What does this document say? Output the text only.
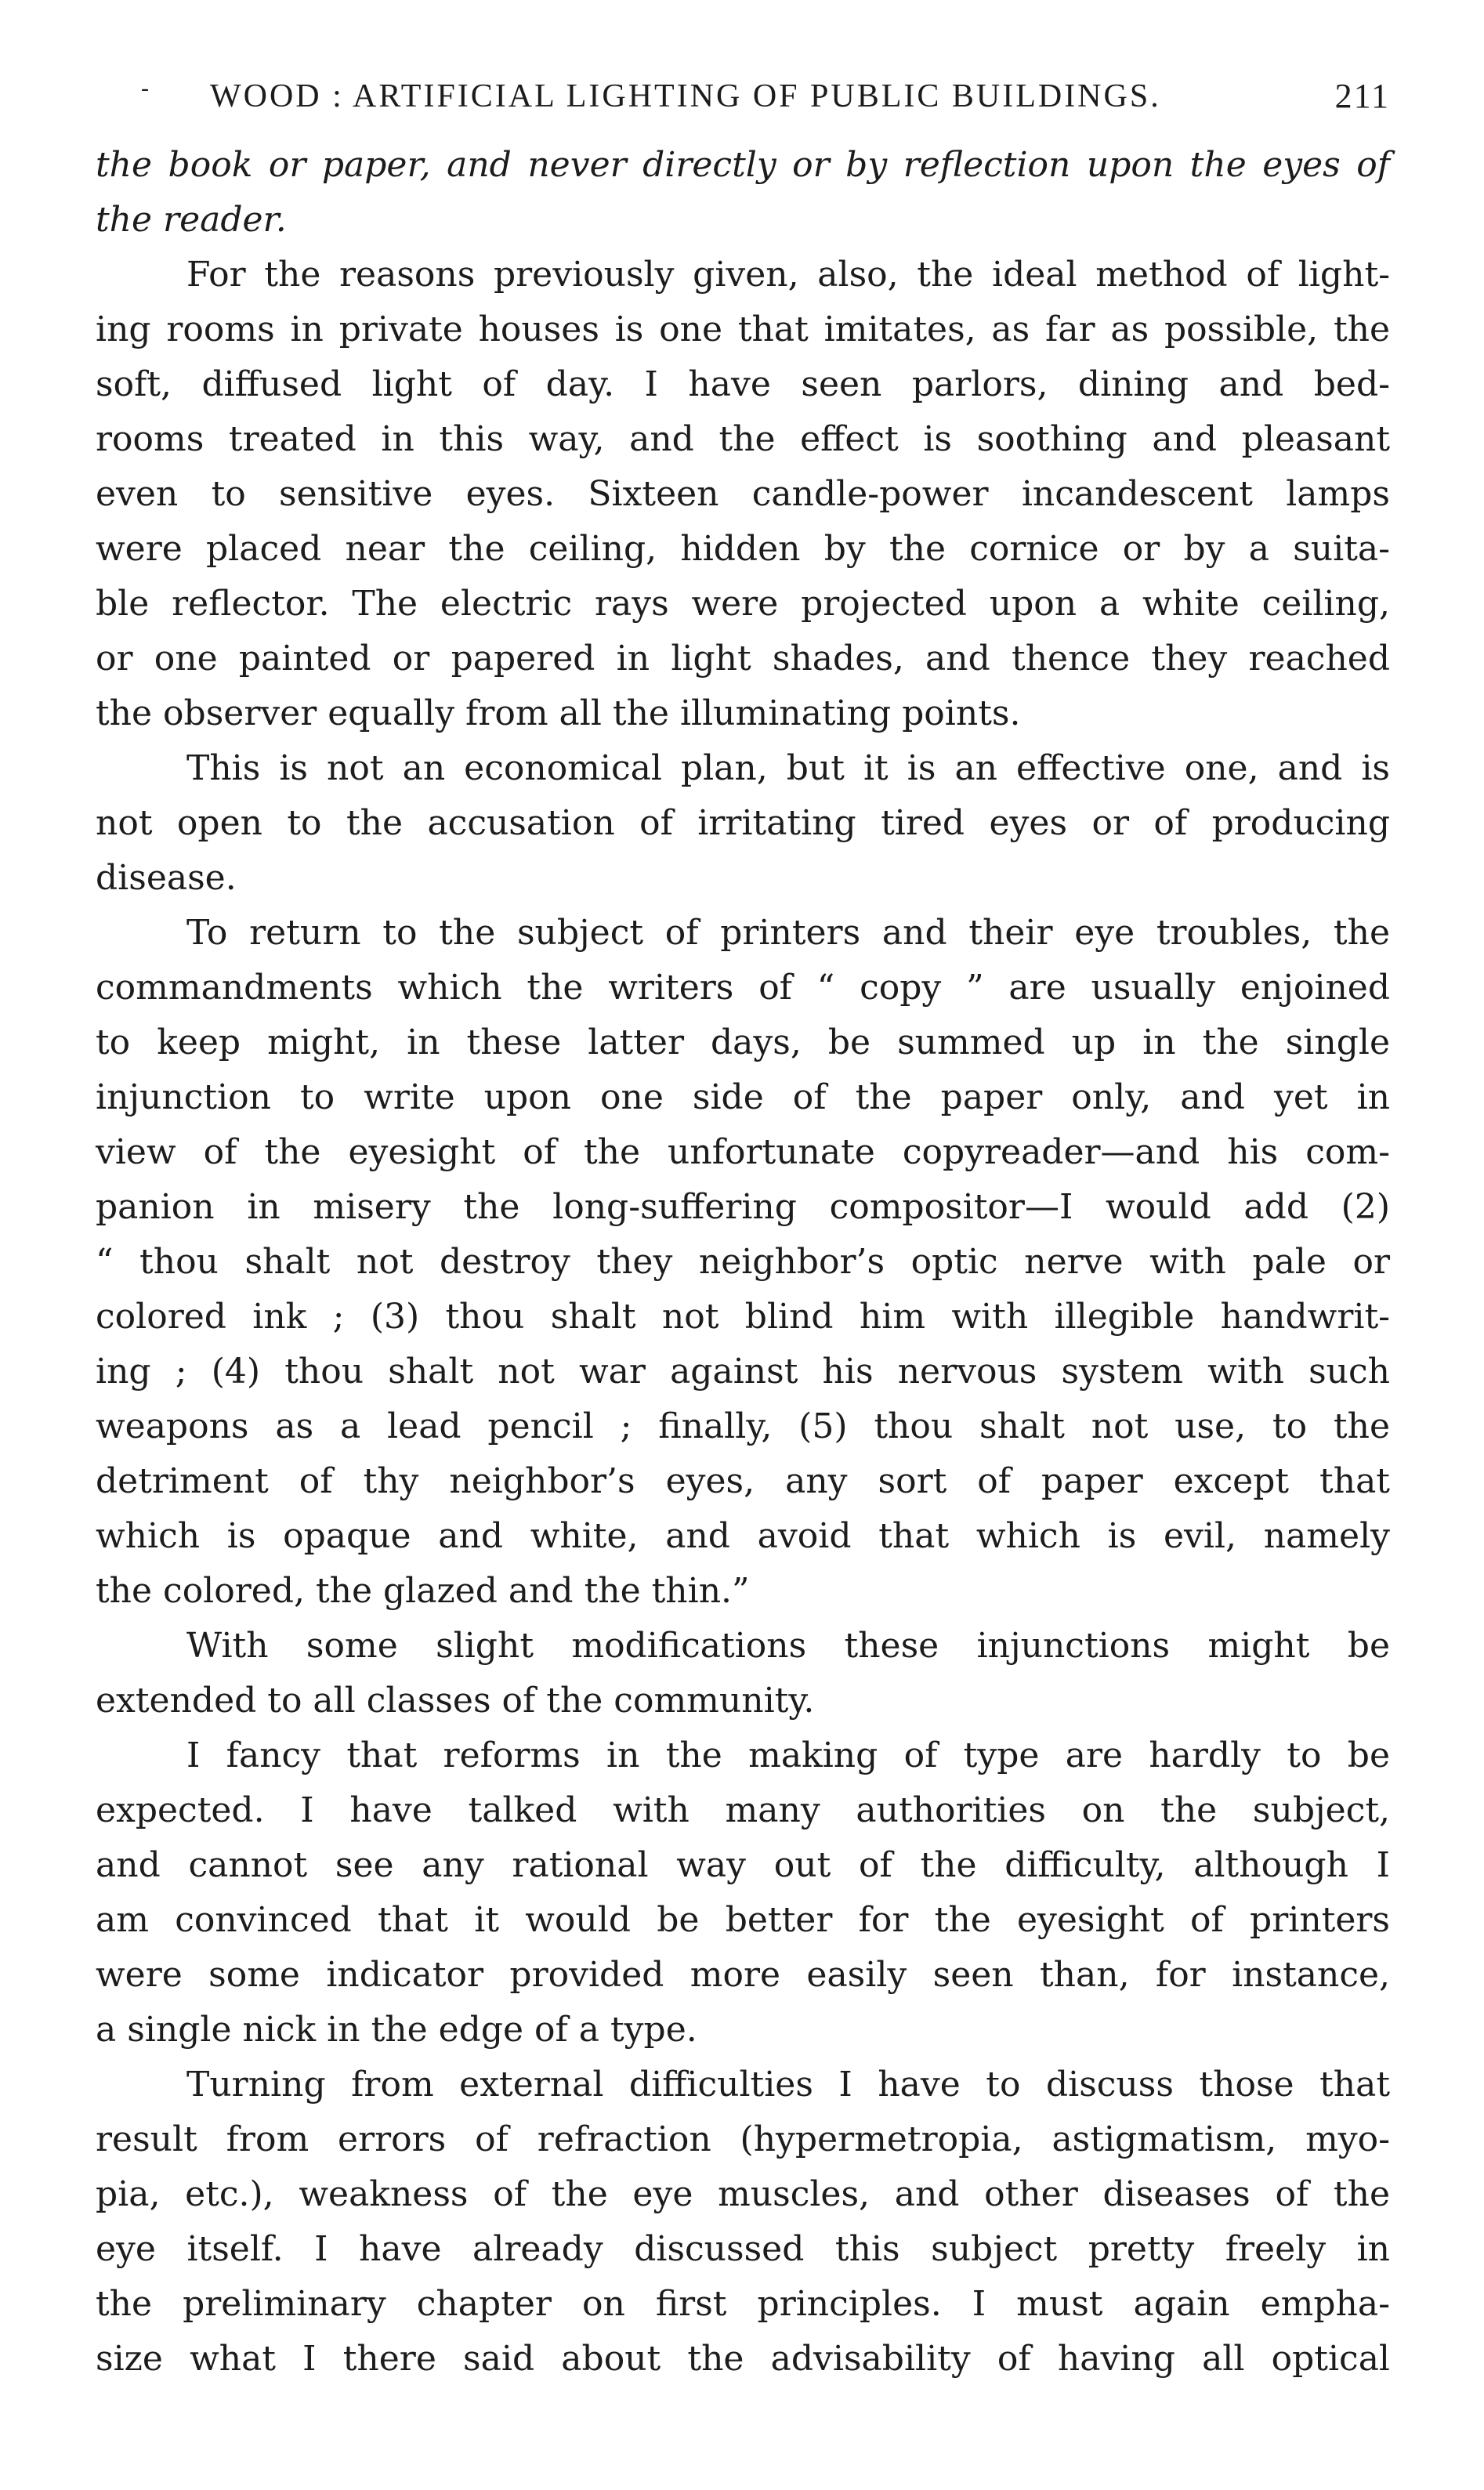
- WOOD : ARTIFICIAL LIGHTING OF PUBLIC BUILDINGS.	211
the book or paper, and never directly or by reflection upon the eyes of
the reader.
For the reasons previously given, also, the ideal method of light-
ing rooms in private houses is one that imitates, as far as possible, the
soft, diffused light of day. I have seen parlors, dining and bed-
rooms treated in this way, and the effect is soothing and pleasant
even to sensitive eyes. Sixteen candle-power incandescent lamps
were placed near the ceiling, hidden by the cornice or by a suita-
ble reflector. The electric rays were projected upon a white ceiling,
or one painted or papered in light shades, and thence they reached
the observer equally from all the illuminating points.
This is not an economical plan, but it is an effective one, and is
not open to the accusation of irritating tired eyes or of producing
disease.
To return to the subject of printers and their eye troubles, the
commandments which the writers of “ copy ” are usually enjoined
to keep might, in these latter days, be summed up in the single
injunction to write upon one side of the paper only, and yet in
view of the eyesight of the unfortunate copyreader—and his com-
panion in misery the long-suffering compositor—I would add (2)
“ thou shalt not destroy they neighbor’s optic nerve with pale or
colored ink ; (3) thou shalt not blind him with illegible handwrit-
ing ; (4) thou shalt not war against his nervous system with such
weapons as a lead pencil ; finally, (5) thou shalt not use, to the
detriment of thy neighbor’s eyes, any sort of paper except that
which is opaque and white, and avoid that which is evil, namely
the colored, the glazed and the thin.”
With some slight modifications these injunctions might be
extended to all classes of the community.
I fancy that reforms in the making of type are hardly to be
expected. I have talked with many authorities on the subject,
and cannot see any rational way out of the difficulty, although I
am convinced that it would be better for the eyesight of printers
were some indicator provided more easily seen than, for instance,
a single nick in the edge of a type.
Turning from external difficulties I have to discuss those that
result from errors of refraction (hypermetropia, astigmatism, myo-
pia, etc.), weakness of the eye muscles, and other diseases of the
eye itself. I have already discussed this subject pretty freely in
the preliminary chapter on first principles. I must again empha-
size what I there said about the advisability of having all optical
